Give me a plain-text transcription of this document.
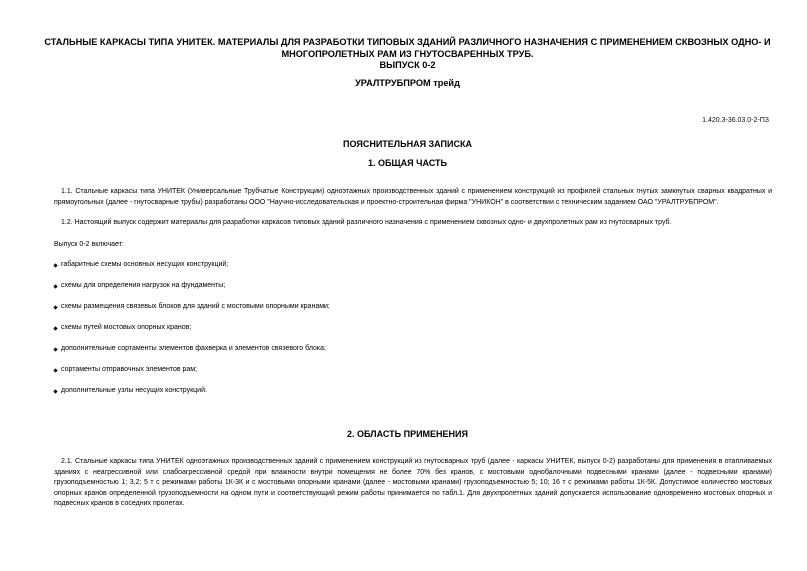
СТАЛЬНЫЕ КАРКАСЫ ТИПА УНИТЕК. МАТЕРИАЛЫ ДЛЯ РАЗРАБОТКИ ТИПОВЫХ ЗДАНИЙ РАЗЛИЧНОГО НАЗНАЧЕНИЯ С ПРИМЕНЕНИЕМ СКВОЗНЫХ ОДНО- И
МНОГОПРОЛЕТНЫХ РАМ ИЗ ГНУТОСВАРЕННЫХ ТРУБ.
ВЫПУСК 0-2
УРАЛТРУБПРОМ трейд
1.420.3-36.03.0-2-ПЗ
ПОЯСНИТЕЛЬНАЯ ЗАПИСКА
1. ОБЩАЯ ЧАСТЬ
1.1. Стальные каркасы типа УНИТЕК (Универсальные Трубчатые Конструкции) одноэтажных производственных зданий с применением конструкций из профилей стальных гнутых замкнутых сварных квадратных и прямоугольных (далее - гнутосварные трубы) разработаны ООО "Научно-исследовательская и проектно-строительная фирма "УНИКОН" в соответствии с техническим заданием ОАО "УРАЛТРУБПРОМ".
1.2. Настоящий выпуск содержит материалы для разработки каркасов типовых зданий различного назначения с применением сквозных одно- и двухпролетных рам из гнутосварных труб.
Выпуск 0-2 включает:
габаритные схемы основных несущих конструкций;
схемы для определения нагрузок на фундаменты;
схемы размещения связевых блоков для зданий с мостовыми опорными кранами;
схемы путей мостовых опорных кранов;
дополнительные сортаменты элементов фахверка и элементов связевого блока;
сортаменты отправочных элементов рам;
дополнительные узлы несущих конструкций.
2. ОБЛАСТЬ ПРИМЕНЕНИЯ
2.1. Стальные каркасы типа УНИТЕК одноэтажных производственных зданий с применением конструкций из гнутосварных труб (далее - каркасы УНИТЕК, выпуск 0-2) разработаны для применения в отапливаемых зданиях с неагрессивной или слабоагрессивной средой при влажности внутри помещения не более 70% без кранов, с мостовыми однобалочными подвесными кранами (далее - подвесными кранами) грузоподъемностью 1; 3,2; 5 т с режимами работы 1К-3К и с мостовыми опорными кранами (далее - мостовыми кранами) грузоподъемностью 5; 10; 16 т с режимами работы 1К-5К. Допустимое количество мостовых опорных кранов определенной грузоподъемности на одном пути и соответствующий режим работы принимается по табл.1. Для двухпролетных зданий допускается использование одновременно мостовых опорных и подвесных кранов в соседних пролетах.
